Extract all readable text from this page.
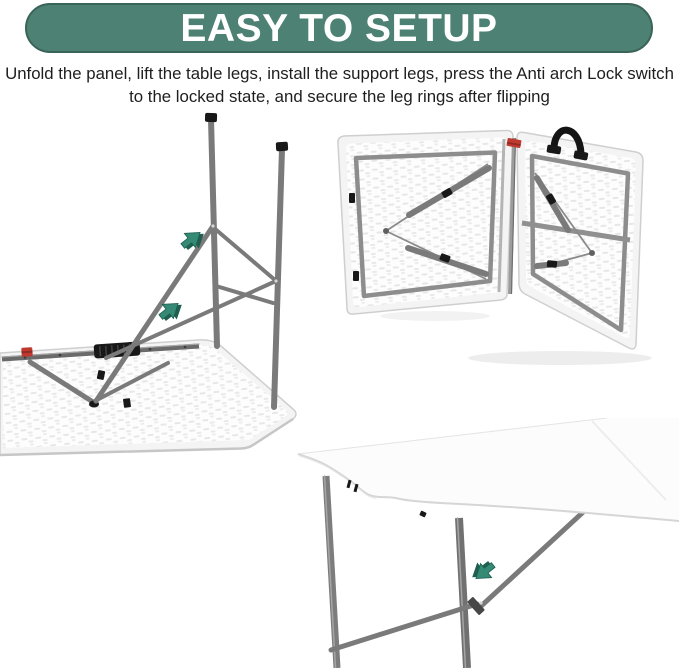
EASY TO SETUP
Unfold the panel, lift the table legs, install the support legs, press the Anti arch Lock switch
to the locked state, and secure the leg rings after flipping
